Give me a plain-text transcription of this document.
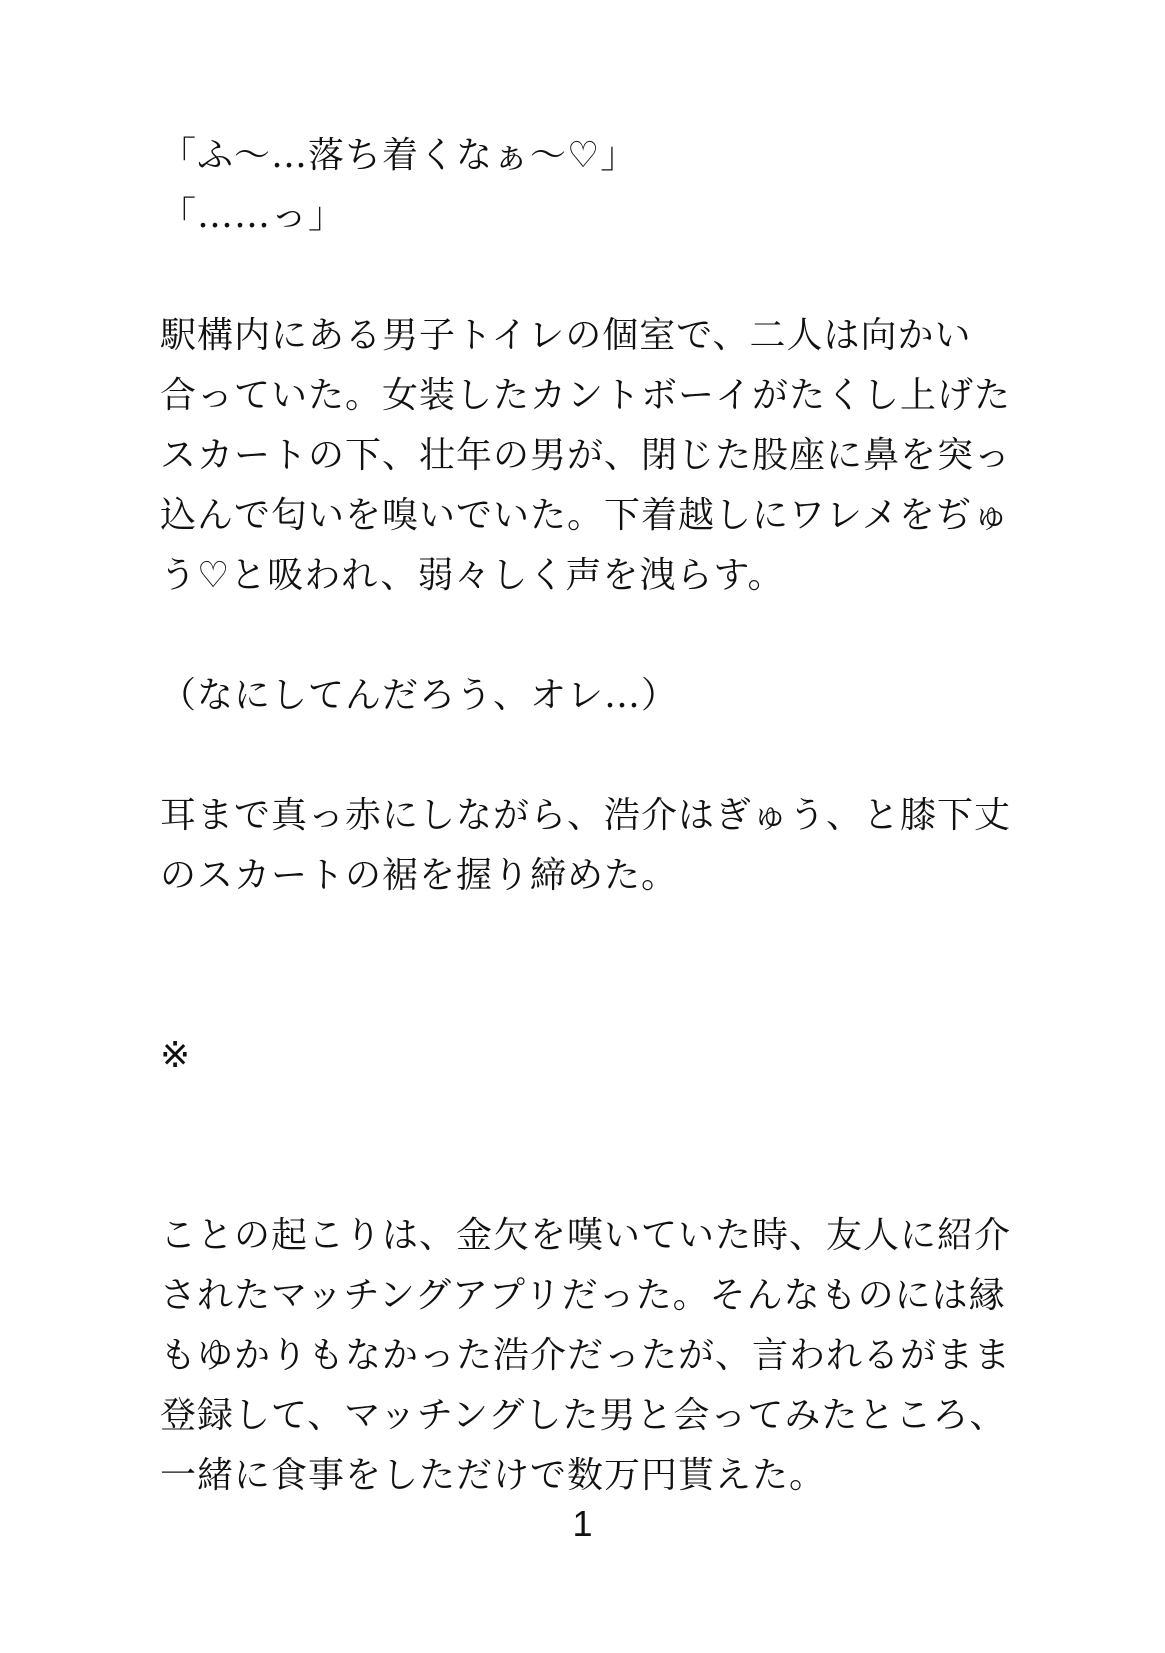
「ふ〜…落ち着くなぁ〜♡」
「……っ」
駅構内にある男子トイレの個室で、二人は向かい
合っていた。女装したカントボーイがたくし上げた
スカートの下、壮年の男が、閉じた股座に鼻を突っ
込んで匂いを嗅いでいた。下着越しにワレメをぢゅ
う♡と吸われ、弱々しく声を洩らす。
（なにしてんだろう、オレ…）
耳まで真っ赤にしながら、浩介はぎゅう、と膝下丈
のスカートの裾を握り締めた。
※
ことの起こりは、金欠を嘆いていた時、友人に紹介
されたマッチングアプリだった。そんなものには縁
もゆかりもなかった浩介だったが、言われるがまま
登録して、マッチングした男と会ってみたところ、
一緒に食事をしただけで数万円貰えた。
1
